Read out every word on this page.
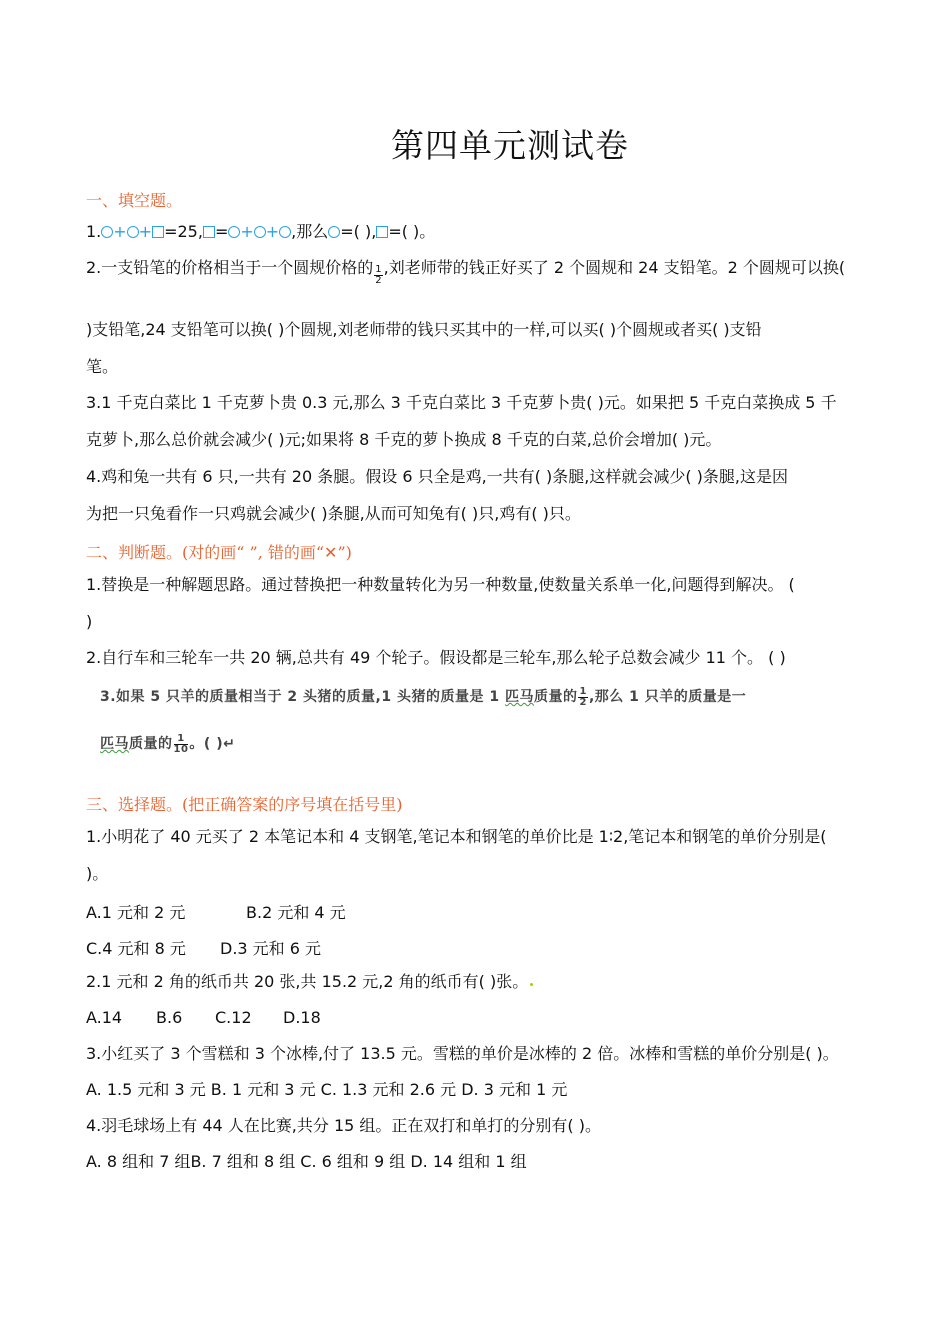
第四单元测试卷
一、填空题。
1. + + =25, = + + ,那么 =( ), =( )。
2.一支铅笔的价格相当于一个圆规价格的 $\frac{1}{2}$ ,刘老师带的钱正好买了 2 个圆规和 24 支铅笔。2 个圆规可以换(
)支铅笔,24 支铅笔可以换( )个圆规,刘老师带的钱只买其中的一样,可以买( )个圆规或者买( )支铅
笔。
3.1 千克白菜比 1 千克萝卜贵 0.3 元,那么 3 千克白菜比 3 千克萝卜贵( )元。如果把 5 千克白菜换成 5 千
克萝卜,那么总价就会减少( )元;如果将 8 千克的萝卜换成 8 千克的白菜,总价会增加( )元。
4.鸡和兔一共有 6 只,一共有 20 条腿。假设 6 只全是鸡,一共有( )条腿,这样就会减少( )条腿,这是因
为把一只兔看作一只鸡就会减少( )条腿,从而可知兔有( )只,鸡有( )只。
二、判断题。(对的画“ ”, 错的画“✕”)
1.替换是一种解题思路。通过替换把一种数量转化为另一种数量,使数量关系单一化,问题得到解决。 (
)
2.自行车和三轮车一共 20 辆,总共有 49 个轮子。假设都是三轮车,那么轮子总数会减少 11 个。 ( )
3.如果 5 只羊的质量相当于 2 头猪的质量,1 头猪的质量是 1 匹马质量的 $\frac{1}{2}$ ,那么 1 只羊的质量是一
匹马质量的 $\frac{1}{10}$ 。( )↵
三、选择题。(把正确答案的序号填在括号里)
1.小明花了 40 元买了 2 本笔记本和 4 支钢笔,笔记本和钢笔的单价比是 1∶2,笔记本和钢笔的单价分别是(
)。
A.1 元和 2 元	B.2 元和 4 元
C.4 元和 8 元 D.3 元和 6 元
2.1 元和 2 角的纸币共 20 张,共 15.2 元,2 角的纸币有( )张。
A.14 B.6 C.12 D.18
3.小红买了 3 个雪糕和 3 个冰棒,付了 13.5 元。雪糕的单价是冰棒的 2 倍。冰棒和雪糕的单价分别是( )。
A. 1.5 元和 3 元 B. 1 元和 3 元 C. 1.3 元和 2.6 元 D. 3 元和 1 元
4.羽毛球场上有 44 人在比赛,共分 15 组。正在双打和单打的分别有( )。
A. 8 组和 7 组B. 7 组和 8 组 C. 6 组和 9 组 D. 14 组和 1 组
